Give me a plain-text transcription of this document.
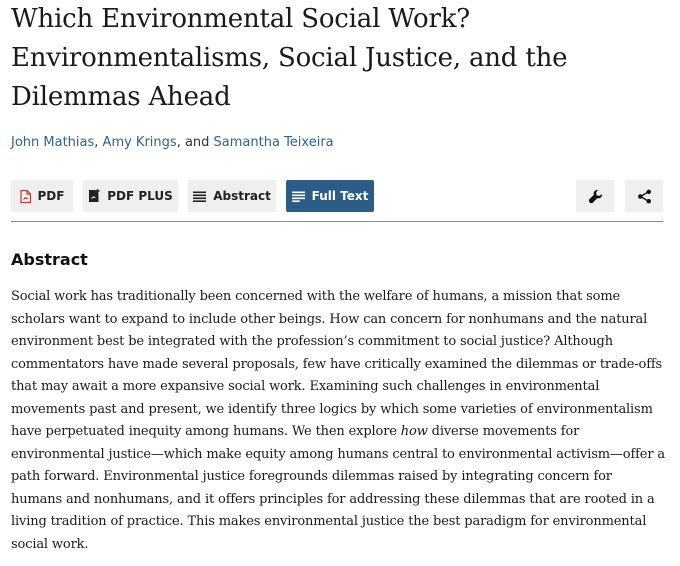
Which Environmental Social Work? Environmentalisms, Social Justice, and the Dilemmas Ahead
John Mathias, Amy Krings, and Samantha Teixeira
PDF	PDF PLUS	Abstract	Full Text
Abstract

Social work has traditionally been concerned with the welfare of humans, a mission that some scholars want to expand to include other beings. How can concern for nonhumans and the natural environment best be integrated with the profession’s commitment to social justice? Although commentators have made several proposals, few have critically examined the dilemmas or trade-offs that may await a more expansive social work. Examining such challenges in environmental movements past and present, we identify three logics by which some varieties of environmentalism have perpetuated inequity among humans. We then explore how diverse movements for environmental justice—which make equity among humans central to environmental activism—offer a path forward. Environmental justice foregrounds dilemmas raised by integrating concern for humans and nonhumans, and it offers principles for addressing these dilemmas that are rooted in a living tradition of practice. This makes environmental justice the best paradigm for environmental social work.
